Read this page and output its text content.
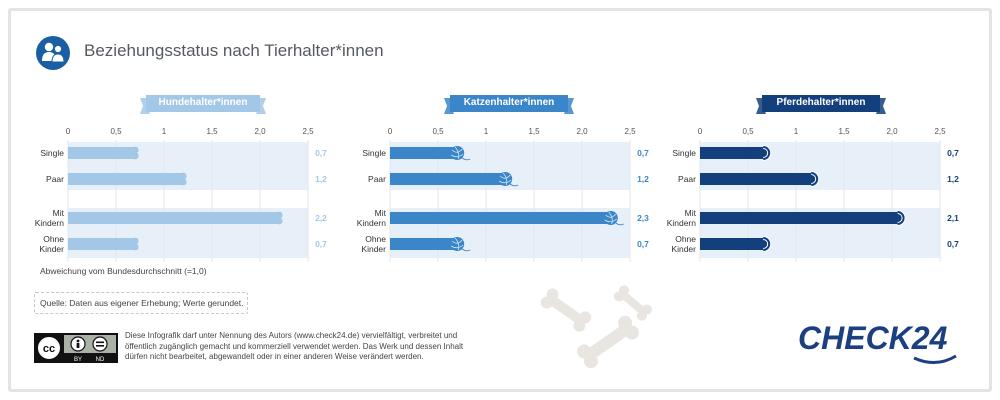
Beziehungsstatus nach Tierhalter*innen
Hundehalter*innen	Katzenhalter*innen	Pferdehalter*innen
0	0,5	1	1,5	2,0	2,5
Single	0,7
Paar	1,2
Mit
Kindern	2,2
Ohne
Kinder	0,7
0	0,5	1	1,5	2,0	2,5
Single	0,7
Paar	1,2
Mit
Kindern	2,3
Ohne
Kinder	0,7
0	0,5	1	1,5	2,0	2,5
Single	0,7
Paar	1,2
Mit
Kindern	2,1
Ohne
Kinder	0,7
Abweichung vom Bundesdurchschnitt (=1,0)
Quelle: Daten aus eigener Erhebung; Werte gerundet.
cc
BY ND
Diese Infografik darf unter Nennung des Autors (www.check24.de) vervielfältigt, verbreitet und öffentlich zugänglich gemacht und kommerziell verwendet werden. Das Werk und dessen Inhalt dürfen nicht bearbeitet, abgewandelt oder in einer anderen Weise verändert werden.
CHECK24
